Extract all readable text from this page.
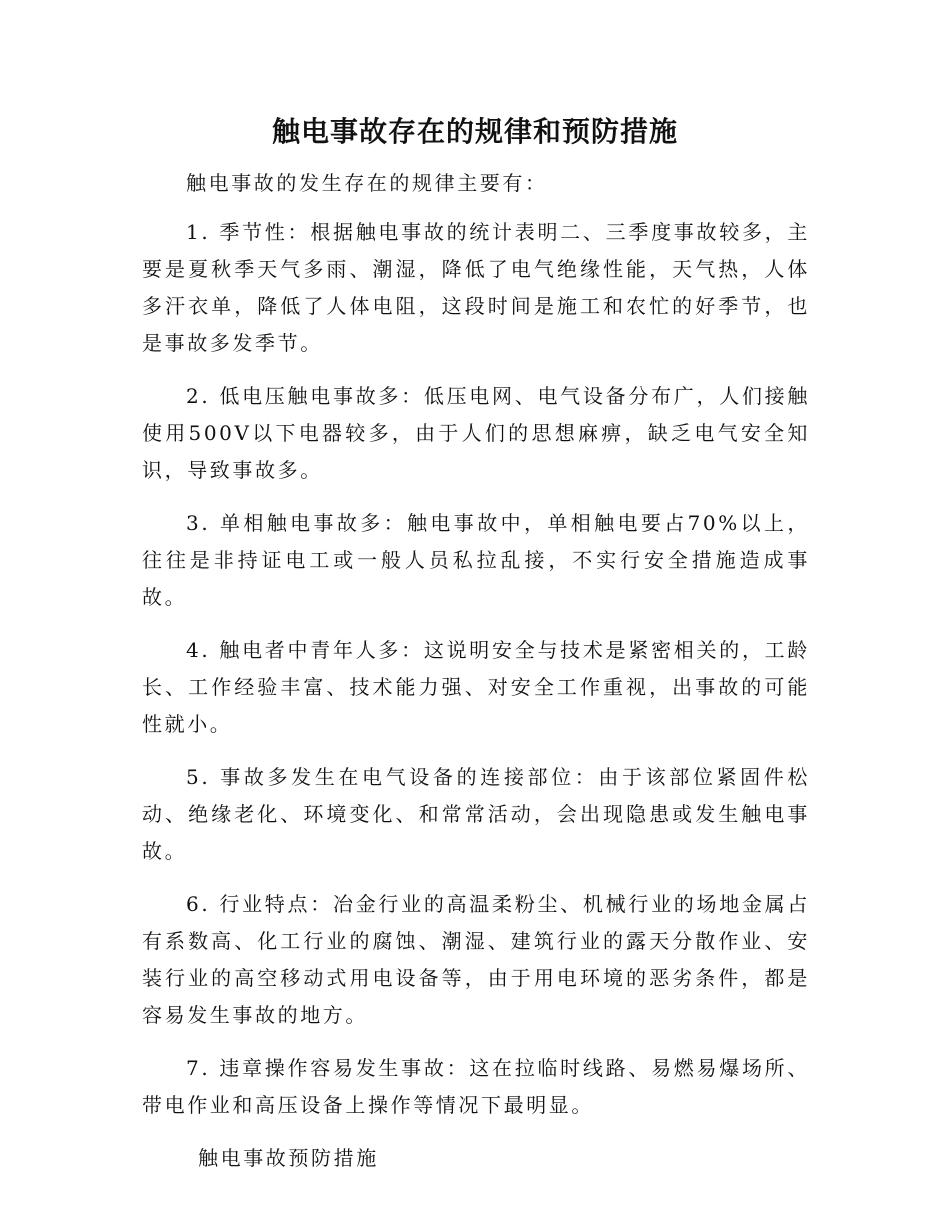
触电事故存在的规律和预防措施

触电事故的发生存在的规律主要有：

1. 季节性：根据触电事故的统计表明二、三季度事故较多，主要是夏秋季天气多雨、潮湿，降低了电气绝缘性能，天气热，人体多汗衣单，降低了人体电阻，这段时间是施工和农忙的好季节，也是事故多发季节。

2. 低电压触电事故多：低压电网、电气设备分布广，人们接触使用500V以下电器较多，由于人们的思想麻痹，缺乏电气安全知识，导致事故多。

3. 单相触电事故多：触电事故中，单相触电要占70%以上，往往是非持证电工或一般人员私拉乱接，不实行安全措施造成事故。

4. 触电者中青年人多：这说明安全与技术是紧密相关的，工龄长、工作经验丰富、技术能力强、对安全工作重视，出事故的可能性就小。

5. 事故多发生在电气设备的连接部位：由于该部位紧固件松动、绝缘老化、环境变化、和常常活动，会出现隐患或发生触电事故。

6. 行业特点：冶金行业的高温柔粉尘、机械行业的场地金属占有系数高、化工行业的腐蚀、潮湿、建筑行业的露天分散作业、安装行业的高空移动式用电设备等，由于用电环境的恶劣条件，都是容易发生事故的地方。

7. 违章操作容易发生事故：这在拉临时线路、易燃易爆场所、带电作业和高压设备上操作等情况下最明显。

触电事故预防措施
